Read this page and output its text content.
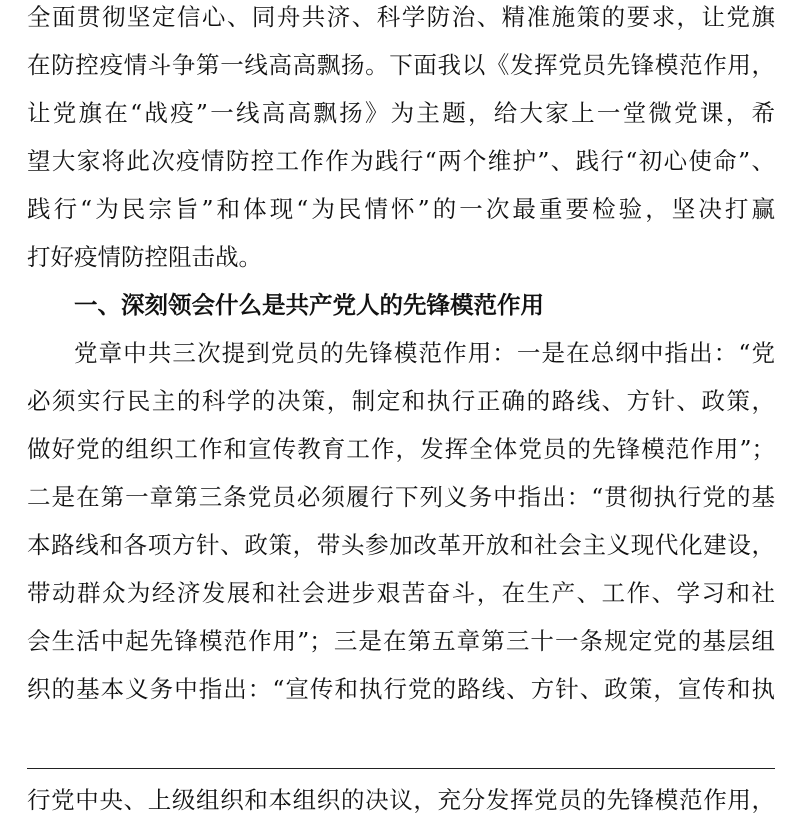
全面贯彻坚定信心、同舟共济、科学防治、精准施策的要求，让党旗
在防控疫情斗争第一线高高飘扬。下面我以《发挥党员先锋模范作用，
让党旗在“战疫”一线高高飘扬》为主题，给大家上一堂微党课，希
望大家将此次疫情防控工作作为践行“两个维护”、践行“初心使命”、
践行“为民宗旨”和体现“为民情怀”的一次最重要检验，坚决打赢
打好疫情防控阻击战。
一、深刻领会什么是共产党人的先锋模范作用
党章中共三次提到党员的先锋模范作用：一是在总纲中指出：“党
必须实行民主的科学的决策，制定和执行正确的路线、方针、政策，
做好党的组织工作和宣传教育工作，发挥全体党员的先锋模范作用”；
二是在第一章第三条党员必须履行下列义务中指出：“贯彻执行党的基
本路线和各项方针、政策，带头参加改革开放和社会主义现代化建设，
带动群众为经济发展和社会进步艰苦奋斗，在生产、工作、学习和社
会生活中起先锋模范作用”；三是在第五章第三十一条规定党的基层组
织的基本义务中指出：“宣传和执行党的路线、方针、政策，宣传和执
行党中央、上级组织和本组织的决议，充分发挥党员的先锋模范作用，
